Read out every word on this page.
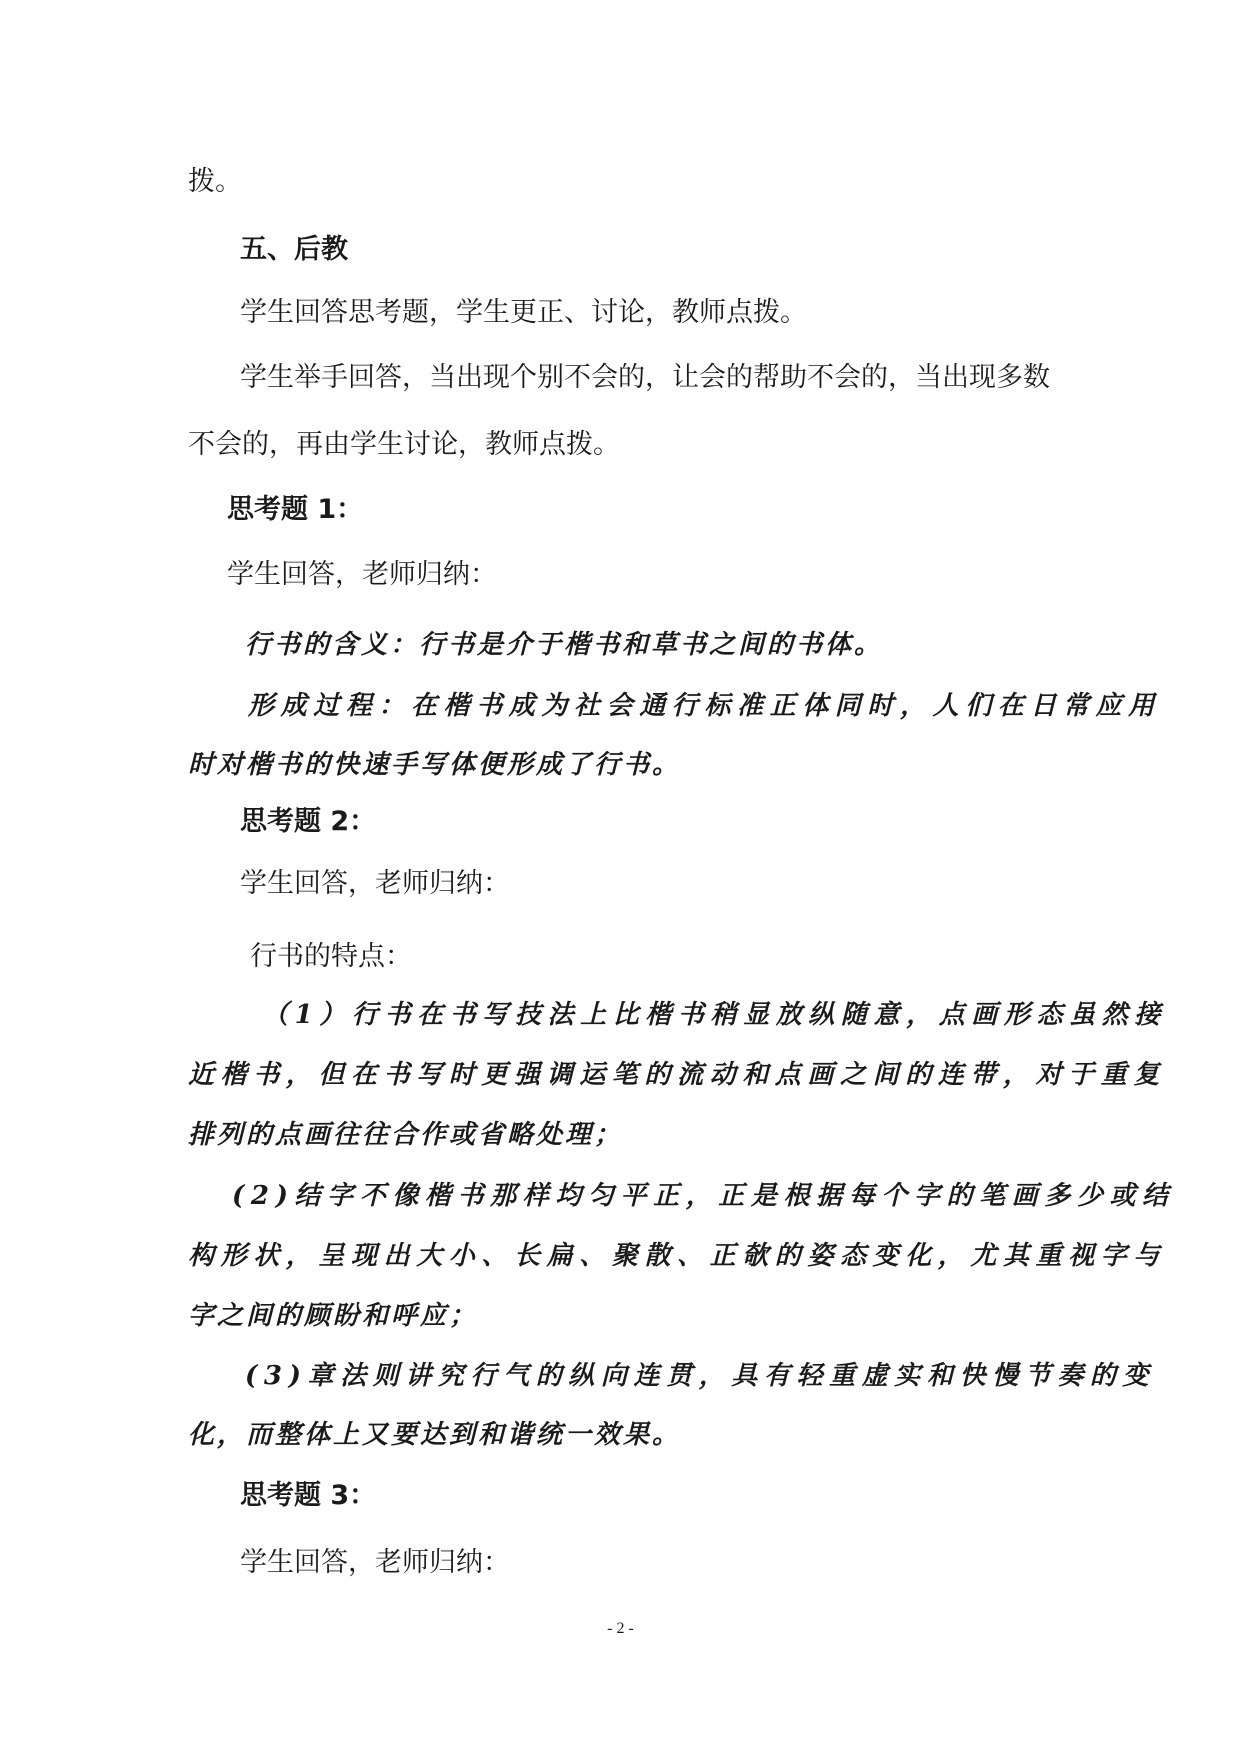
拨。
五、后教
学生回答思考题，学生更正、讨论，教师点拨。
学生举手回答，当出现个别不会的，让会的帮助不会的，当出现多数
不会的，再由学生讨论，教师点拨。
思考题 1：
学生回答，老师归纳：
行书的含义：行书是介于楷书和草书之间的书体。
形成过程：在楷书成为社会通行标准正体同时，人们在日常应用
时对楷书的快速手写体便形成了行书。
思考题 2：
学生回答，老师归纳：
行书的特点：
（1）行书在书写技法上比楷书稍显放纵随意，点画形态虽然接
近楷书，但在书写时更强调运笔的流动和点画之间的连带，对于重复
排列的点画往往合作或省略处理；
(2)结字不像楷书那样均匀平正，正是根据每个字的笔画多少或结
构形状，呈现出大小、长扁、聚散、正欹的姿态变化，尤其重视字与
字之间的顾盼和呼应；
(3)章法则讲究行气的纵向连贯，具有轻重虚实和快慢节奏的变
化，而整体上又要达到和谐统一效果。
思考题 3：
学生回答，老师归纳：
- 2 -
